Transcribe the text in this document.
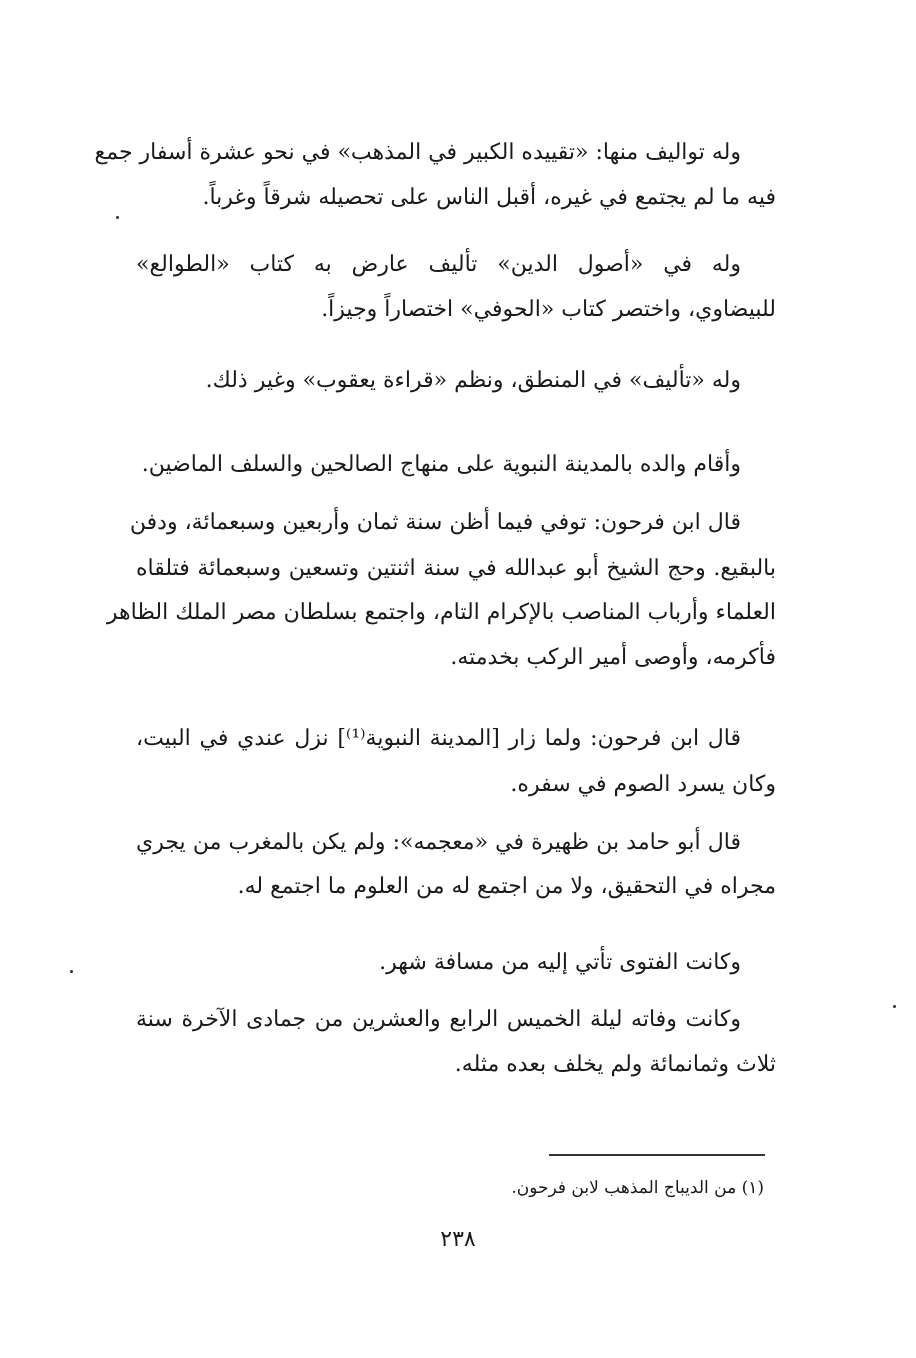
وله تواليف منها: «تقييده الكبير في المذهب» في نحو عشرة أسفار جمع
فيه ما لم يجتمع في غيره، أقبل الناس على تحصيله شرقاً وغرباً.
وله في «أصول الدين» تأليف عارض به كتاب «الطوالع»
للبيضاوي، واختصر كتاب «الحوفي» اختصاراً وجيزاً.
وله «تأليف» في المنطق، ونظم «قراءة يعقوب» وغير ذلك.
وأقام والده بالمدينة النبوية على منهاج الصالحين والسلف الماضين.
قال ابن فرحون: توفي فيما أظن سنة ثمان وأربعين وسبعمائة، ودفن
بالبقيع. وحج الشيخ أبو عبدالله في سنة اثنتين وتسعين وسبعمائة فتلقاه
العلماء وأرباب المناصب بالإكرام التام، واجتمع بسلطان مصر الملك الظاهر
فأكرمه، وأوصى أمير الركب بخدمته.
قال ابن فرحون: ولما زار [المدينة النبوية⁽¹⁾] نزل عندي في البيت،
وكان يسرد الصوم في سفره.
قال أبو حامد بن ظهيرة في «معجمه»: ولم يكن بالمغرب من يجري
مجراه في التحقيق، ولا من اجتمع له من العلوم ما اجتمع له.
وكانت الفتوى تأتي إليه من مسافة شهر.
وكانت وفاته ليلة الخميس الرابع والعشرين من جمادى الآخرة سنة
ثلاث وثمانمائة ولم يخلف بعده مثله.
(١) من الديباج المذهب لابن فرحون.
٢٣٨
